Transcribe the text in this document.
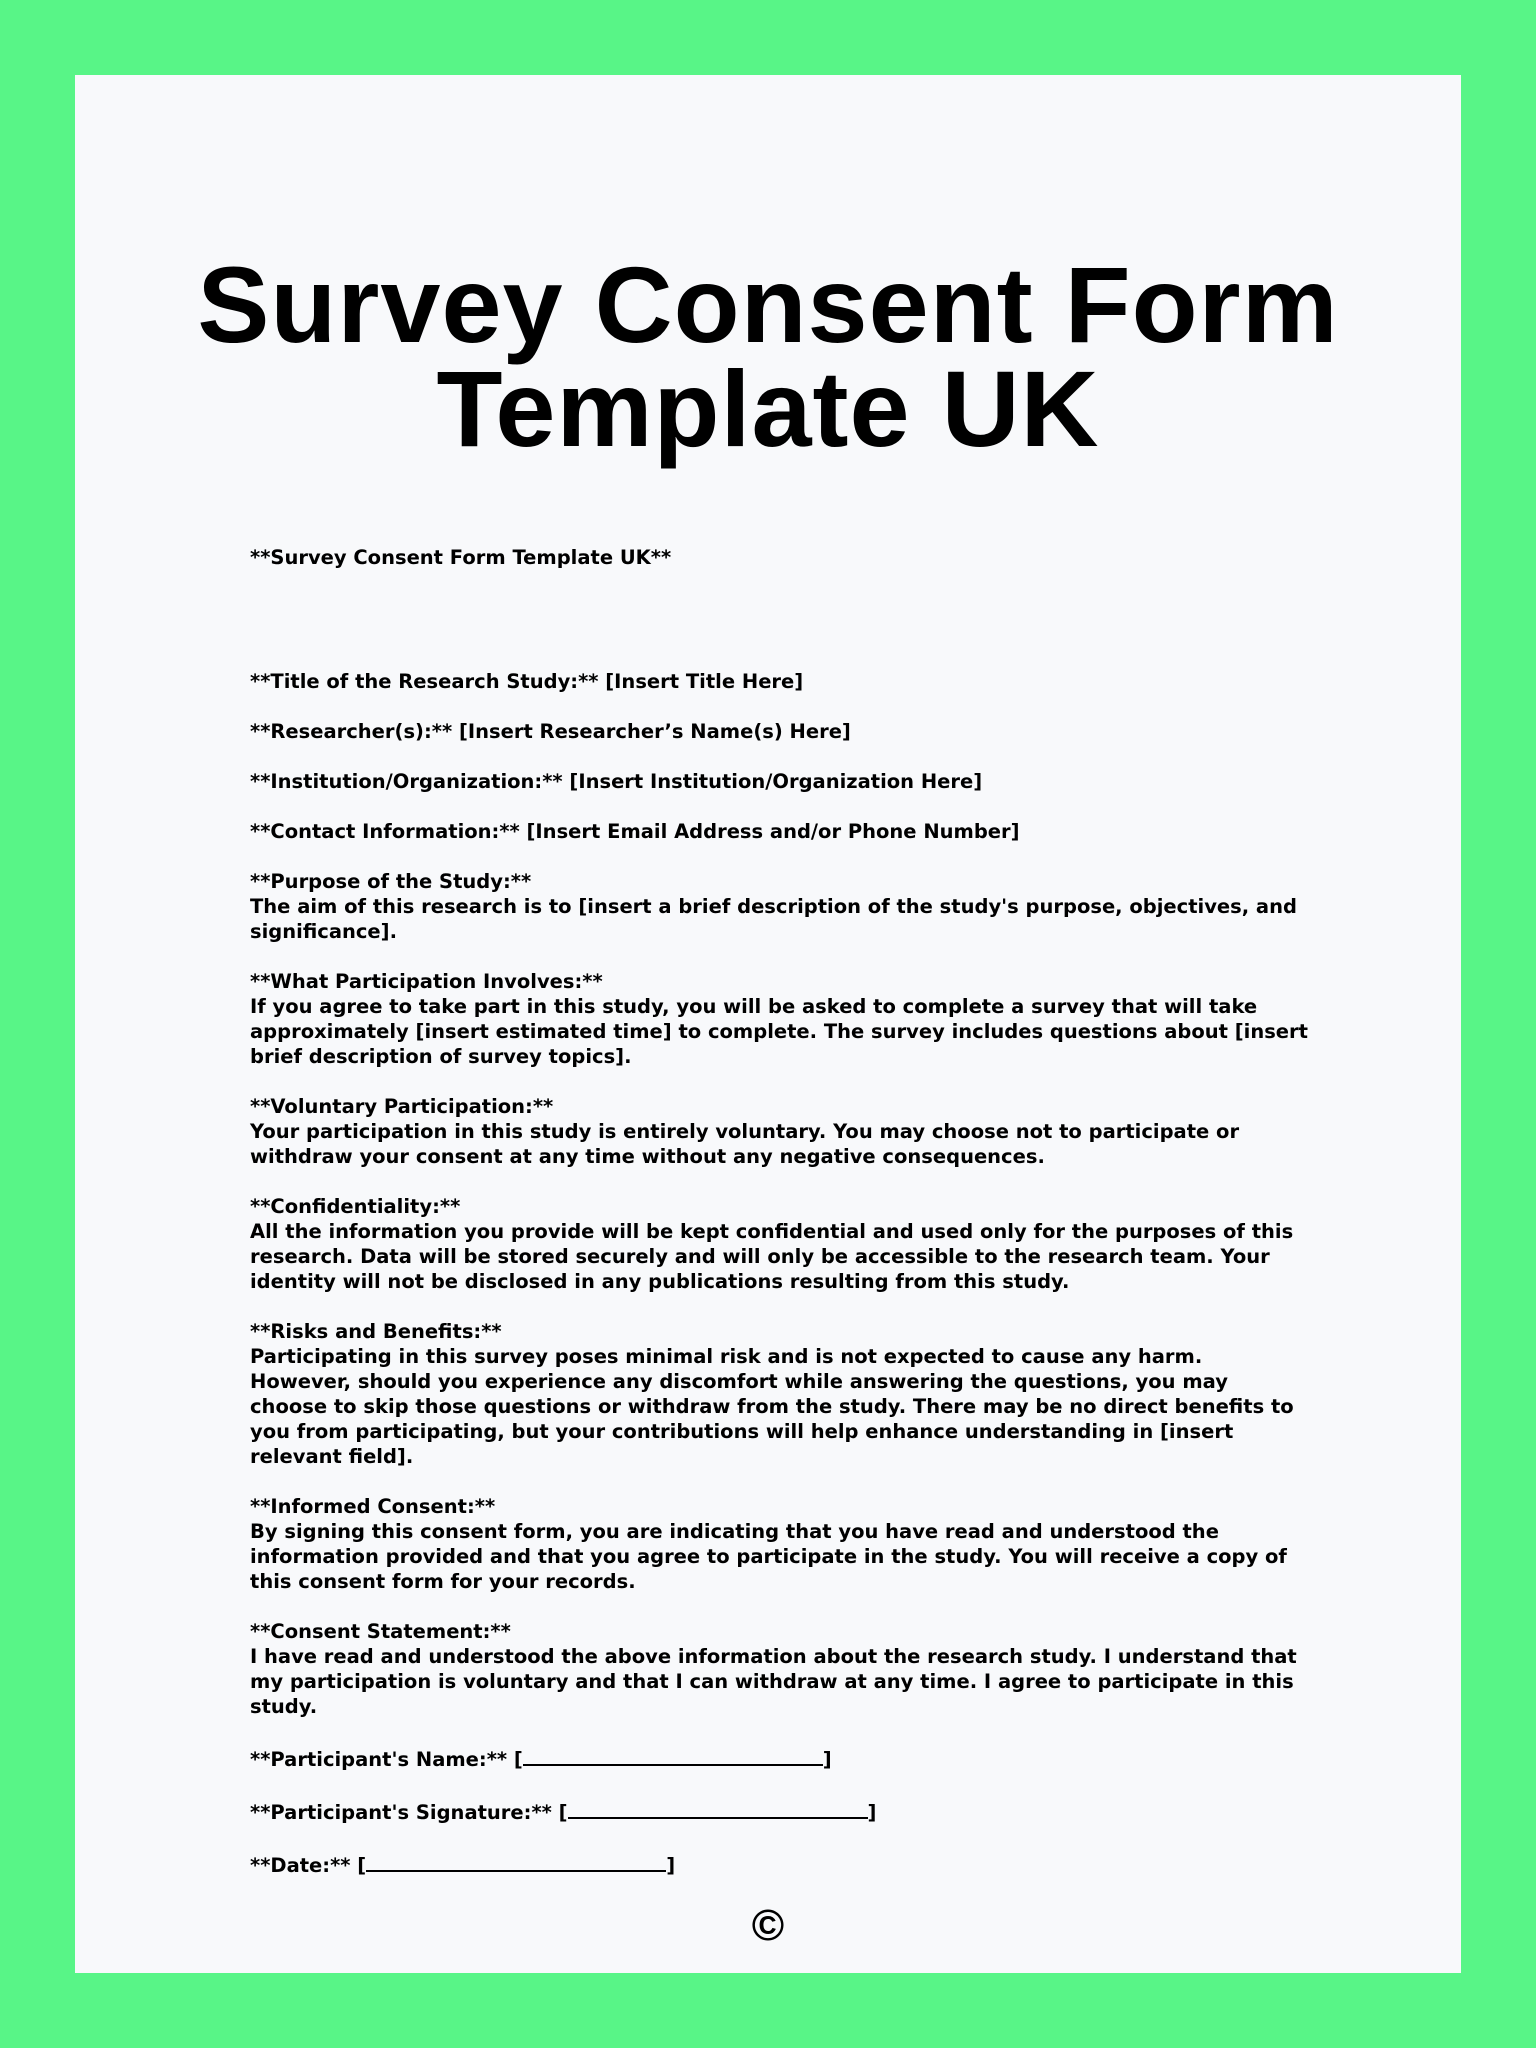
Survey Consent Form
Template UK

**Survey Consent Form Template UK**

**Title of the Research Study:** [Insert Title Here]

**Researcher(s):** [Insert Researcher’s Name(s) Here]

**Institution/Organization:** [Insert Institution/Organization Here]

**Contact Information:** [Insert Email Address and/or Phone Number]

**Purpose of the Study:**

The aim of this research is to [insert a brief description of the study's purpose, objectives, and significance].

**What Participation Involves:**

If you agree to take part in this study, you will be asked to complete a survey that will take approximately [insert estimated time] to complete. The survey includes questions about [insert brief description of survey topics].

**Voluntary Participation:**

Your participation in this study is entirely voluntary. You may choose not to participate or withdraw your consent at any time without any negative consequences.

**Confidentiality:**

All the information you provide will be kept confidential and used only for the purposes of this research. Data will be stored securely and will only be accessible to the research team. Your identity will not be disclosed in any publications resulting from this study.

**Risks and Benefits:**

Participating in this survey poses minimal risk and is not expected to cause any harm. However, should you experience any discomfort while answering the questions, you may choose to skip those questions or withdraw from the study. There may be no direct benefits to you from participating, but your contributions will help enhance understanding in [insert relevant field].

**Informed Consent:**

By signing this consent form, you are indicating that you have read and understood the information provided and that you agree to participate in the study. You will receive a copy of this consent form for your records.

**Consent Statement:**

I have read and understood the above information about the research study. I understand that my participation is voluntary and that I can withdraw at any time. I agree to participate in this study.

**Participant's Name:** [	]

**Participant's Signature:** [	]

**Date:** [	]

©
